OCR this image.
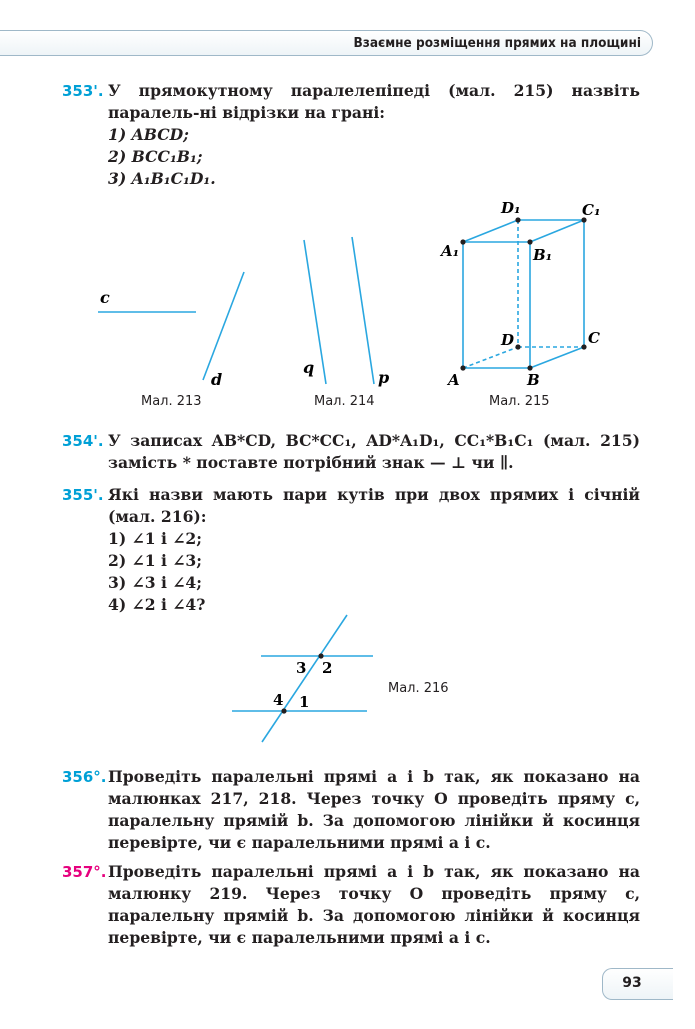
Взаємне розміщення прямих на площині
353'. У прямокутному паралелепіпеді (мал. 215) назвіть паралель-ні відрізки на грані:
1) ABCD;
2) BCC₁B₁;
3) A₁B₁C₁D₁.
c
d
q
p	A	B
C
D
A₁	B₁
C₁
D₁
Мал. 213	Мал. 214	Мал. 215
354'. У записах AB*CD, BC*CC₁, AD*A₁D₁, CC₁*B₁C₁ (мал. 215) замість * поставте потрібний знак — ⊥ чи ∥.
355'. Які назви мають пари кутів при двох прямих і січній (мал. 216):
1) ∠1 і ∠2;
2) ∠1 і ∠3;
3) ∠3 і ∠4;
4) ∠2 і ∠4?
3 2
4 1
Мал. 216
356°. Проведіть паралельні прямі a і b так, як показано на малюнках 217, 218. Через точку O проведіть пряму c, паралельну прямій b. За допомогою лінійки й косинця перевірте, чи є паралельними прямі a і c.
357°. Проведіть паралельні прямі a і b так, як показано на малюнку 219. Через точку O проведіть пряму c, паралельну прямій b. За допомогою лінійки й косинця перевірте, чи є паралельними прямі a і c.
93
